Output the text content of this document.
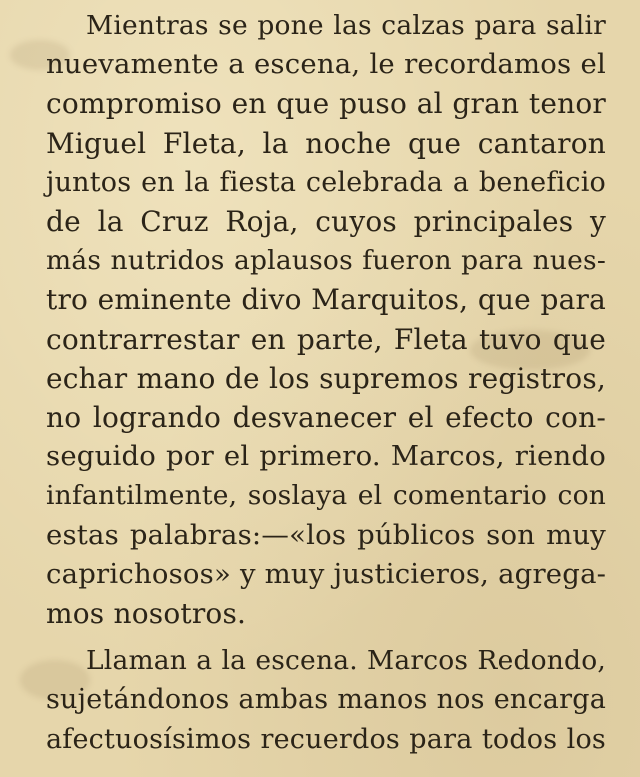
Mientras se pone las calzas para salir

nuevamente a escena, le recordamos el

compromiso en que puso al gran tenor

Miguel Fleta, la noche que cantaron

juntos en la fiesta celebrada a beneficio

de la Cruz Roja, cuyos principales y

más nutridos aplausos fueron para nues-

tro eminente divo Marquitos, que para

contrarrestar en parte, Fleta tuvo que

echar mano de los supremos registros,

no logrando desvanecer el efecto con-

seguido por el primero. Marcos, riendo

infantilmente, soslaya el comentario con

estas palabras:—«los públicos son muy

caprichosos» y muy justicieros, agrega-

mos nosotros.

Llaman a la escena. Marcos Redondo,

sujetándonos ambas manos nos encarga

afectuosísimos recuerdos para todos los
